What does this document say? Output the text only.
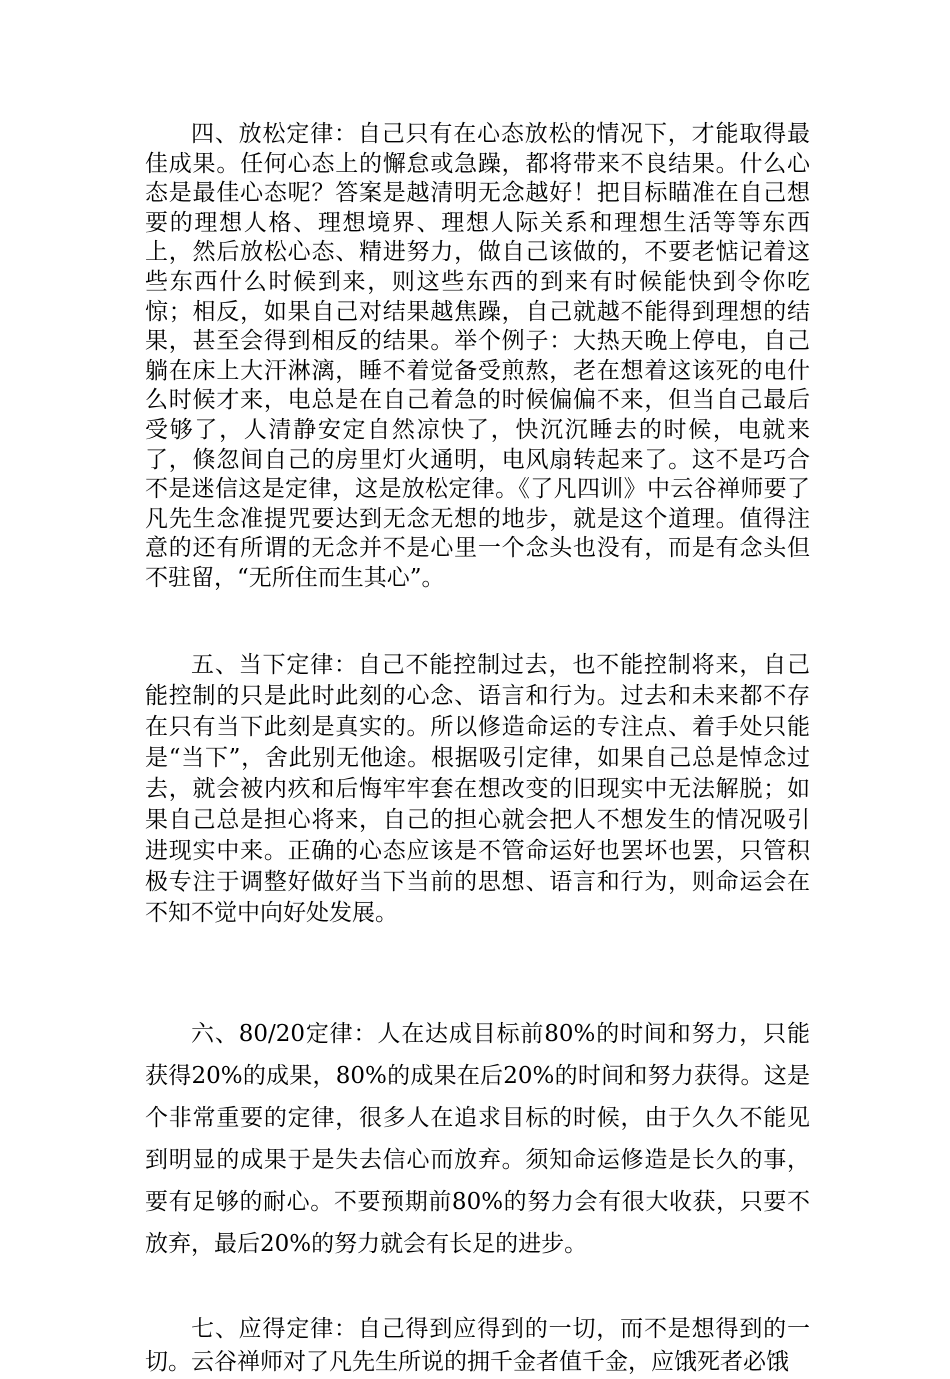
四、放松定律：自己只有在心态放松的情况下，才能取得最佳成果。任何心态上的懈怠或急躁，都将带来不良结果。什么心态是最佳心态呢？答案是越清明无念越好！把目标瞄准在自己想要的理想人格、理想境界、理想人际关系和理想生活等等东西上，然后放松心态、精进努力，做自己该做的，不要老惦记着这些东西什么时候到来，则这些东西的到来有时候能快到令你吃惊；相反，如果自己对结果越焦躁，自己就越不能得到理想的结果，甚至会得到相反的结果。举个例子：大热天晚上停电，自己躺在床上大汗淋漓，睡不着觉备受煎熬，老在想着这该死的电什么时候才来，电总是在自己着急的时候偏偏不来，但当自己最后受够了，人清静安定自然凉快了，快沉沉睡去的时候，电就来了，倏忽间自己的房里灯火通明，电风扇转起来了。这不是巧合不是迷信这是定律，这是放松定律。《了凡四训》中云谷禅师要了凡先生念准提咒要达到无念无想的地步，就是这个道理。值得注意的还有所谓的无念并不是心里一个念头也没有，而是有念头但不驻留，“无所住而生其心”。

五、当下定律：自己不能控制过去，也不能控制将来，自己能控制的只是此时此刻的心念、语言和行为。过去和未来都不存在只有当下此刻是真实的。所以修造命运的专注点、着手处只能是“当下”，舍此别无他途。根据吸引定律，如果自己总是悼念过去，就会被内疚和后悔牢牢套在想改变的旧现实中无法解脱；如果自己总是担心将来，自己的担心就会把人不想发生的情况吸引进现实中来。正确的心态应该是不管命运好也罢坏也罢，只管积极专注于调整好做好当下当前的思想、语言和行为，则命运会在不知不觉中向好处发展。

六、80/20定律：人在达成目标前80%的时间和努力，只能获得20%的成果，80%的成果在后20%的时间和努力获得。这是个非常重要的定律，很多人在追求目标的时候，由于久久不能见到明显的成果于是失去信心而放弃。须知命运修造是长久的事，要有足够的耐心。不要预期前80%的努力会有很大收获，只要不放弃，最后20%的努力就会有长足的进步。

七、应得定律：自己得到应得到的一切，而不是想得到的一切。云谷禅师对了凡先生所说的拥千金者值千金，应饿死者必饿
